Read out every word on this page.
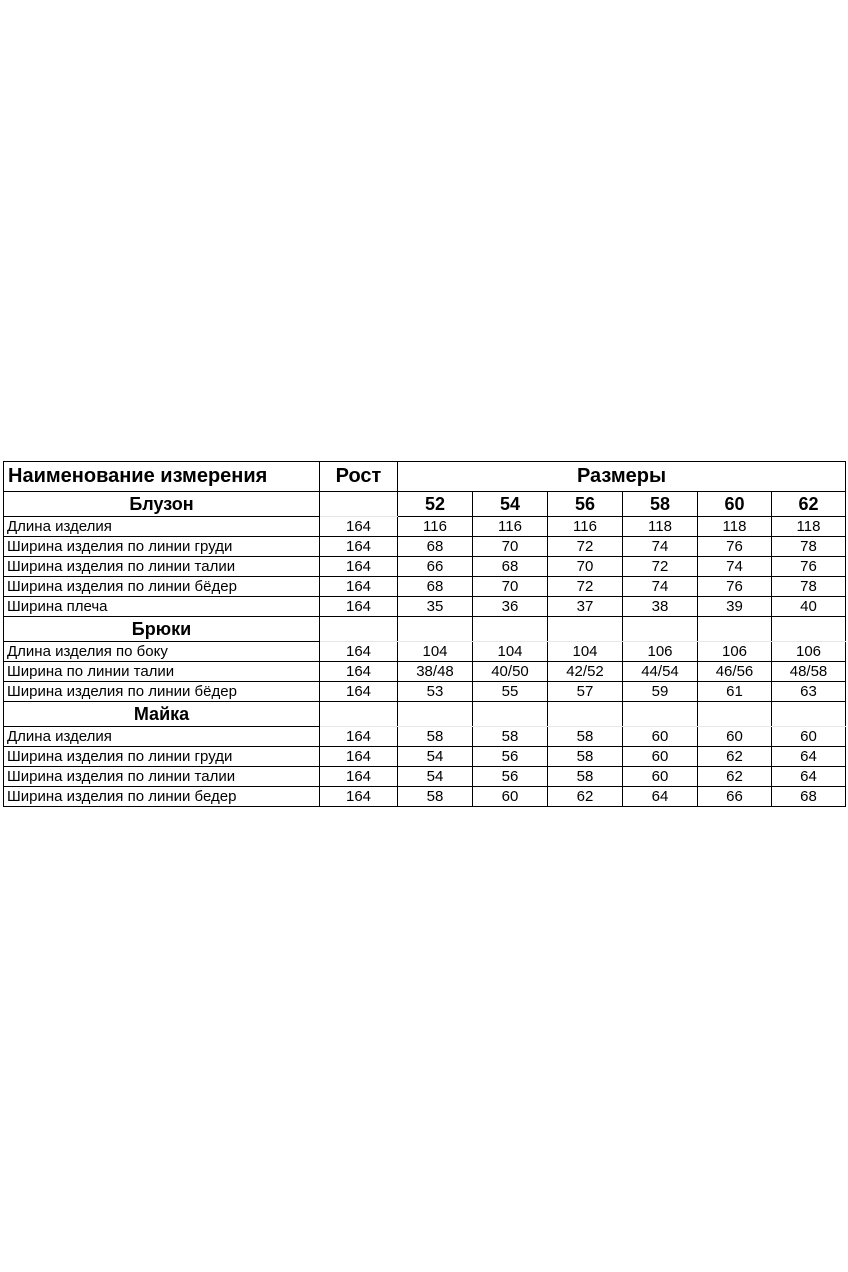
Наименование измерения	Рост	Размеры					
Блузон		52	54	56	58	60	62
Длина изделия	164	116	116	116	118	118	118
Ширина изделия по линии груди	164	68	70	72	74	76	78
Ширина изделия по линии талии	164	66	68	70	72	74	76
Ширина изделия по линии бёдер	164	68	70	72	74	76	78
Ширина плеча	164	35	36	37	38	39	40
Брюки							
Длина изделия по боку	164	104	104	104	106	106	106
Ширина по линии талии	164	38/48	40/50	42/52	44/54	46/56	48/58
Ширина изделия по линии бёдер	164	53	55	57	59	61	63
Майка							
Длина изделия	164	58	58	58	60	60	60
Ширина изделия по линии груди	164	54	56	58	60	62	64
Ширина изделия по линии талии	164	54	56	58	60	62	64
Ширина изделия по линии бедер	164	58	60	62	64	66	68
